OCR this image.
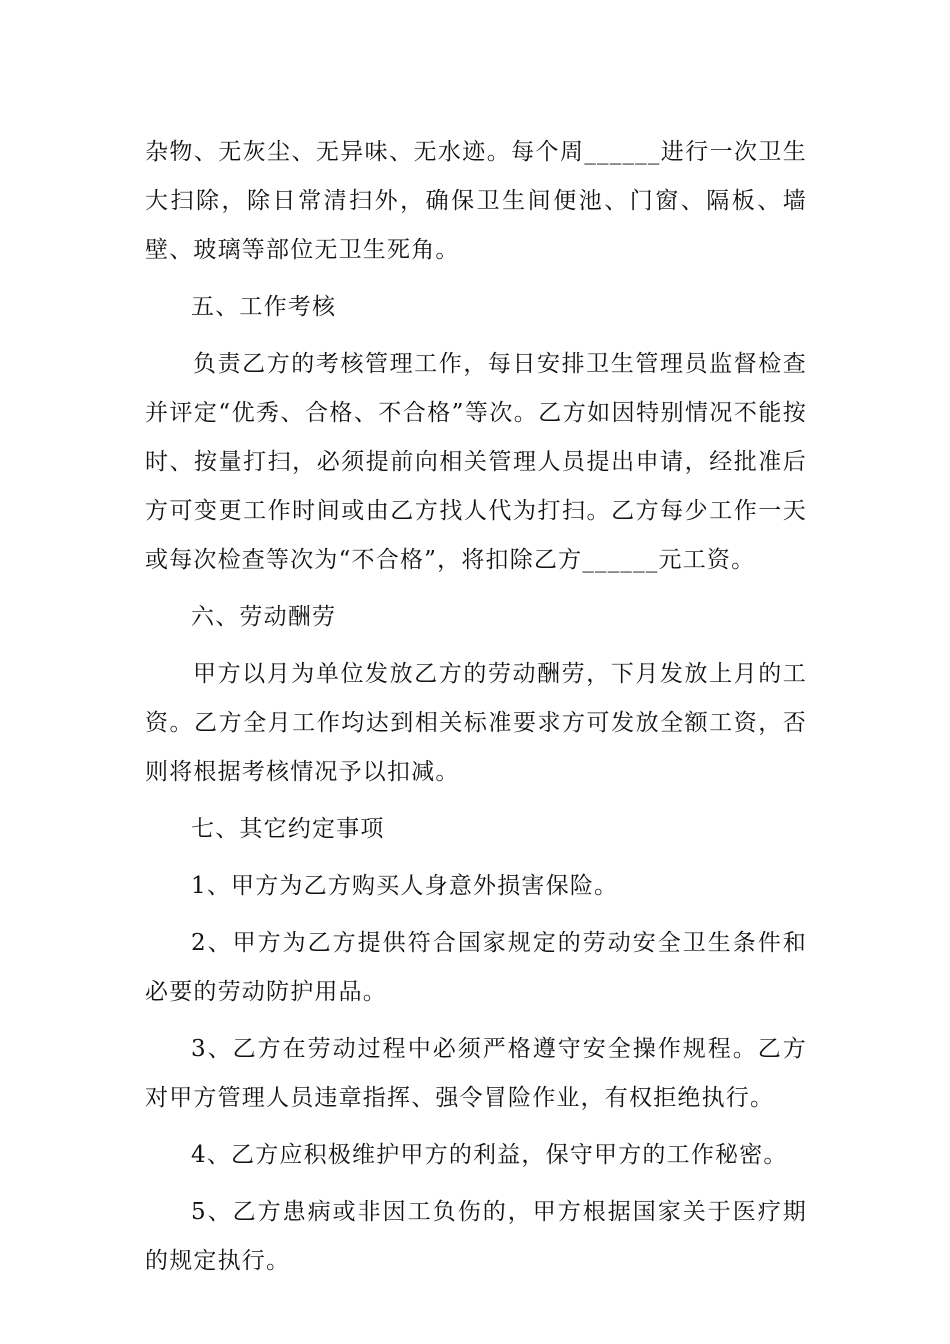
杂物、无灰尘、无异味、无水迹。每个周______进行一次卫生大扫除，除日常清扫外，确保卫生间便池、门窗、隔板、墙壁、玻璃等部位无卫生死角。

五、工作考核

负责乙方的考核管理工作，每日安排卫生管理员监督检查并评定“优秀、合格、不合格”等次。乙方如因特别情况不能按时、按量打扫，必须提前向相关管理人员提出申请，经批准后方可变更工作时间或由乙方找人代为打扫。乙方每少工作一天或每次检查等次为“不合格”，将扣除乙方______元工资。

六、劳动酬劳

甲方以月为单位发放乙方的劳动酬劳，下月发放上月的工资。乙方全月工作均达到相关标准要求方可发放全额工资，否则将根据考核情况予以扣减。

七、其它约定事项

1、甲方为乙方购买人身意外损害保险。

2、甲方为乙方提供符合国家规定的劳动安全卫生条件和必要的劳动防护用品。

3、乙方在劳动过程中必须严格遵守安全操作规程。乙方对甲方管理人员违章指挥、强令冒险作业，有权拒绝执行。

4、乙方应积极维护甲方的利益，保守甲方的工作秘密。

5、乙方患病或非因工负伤的，甲方根据国家关于医疗期的规定执行。
